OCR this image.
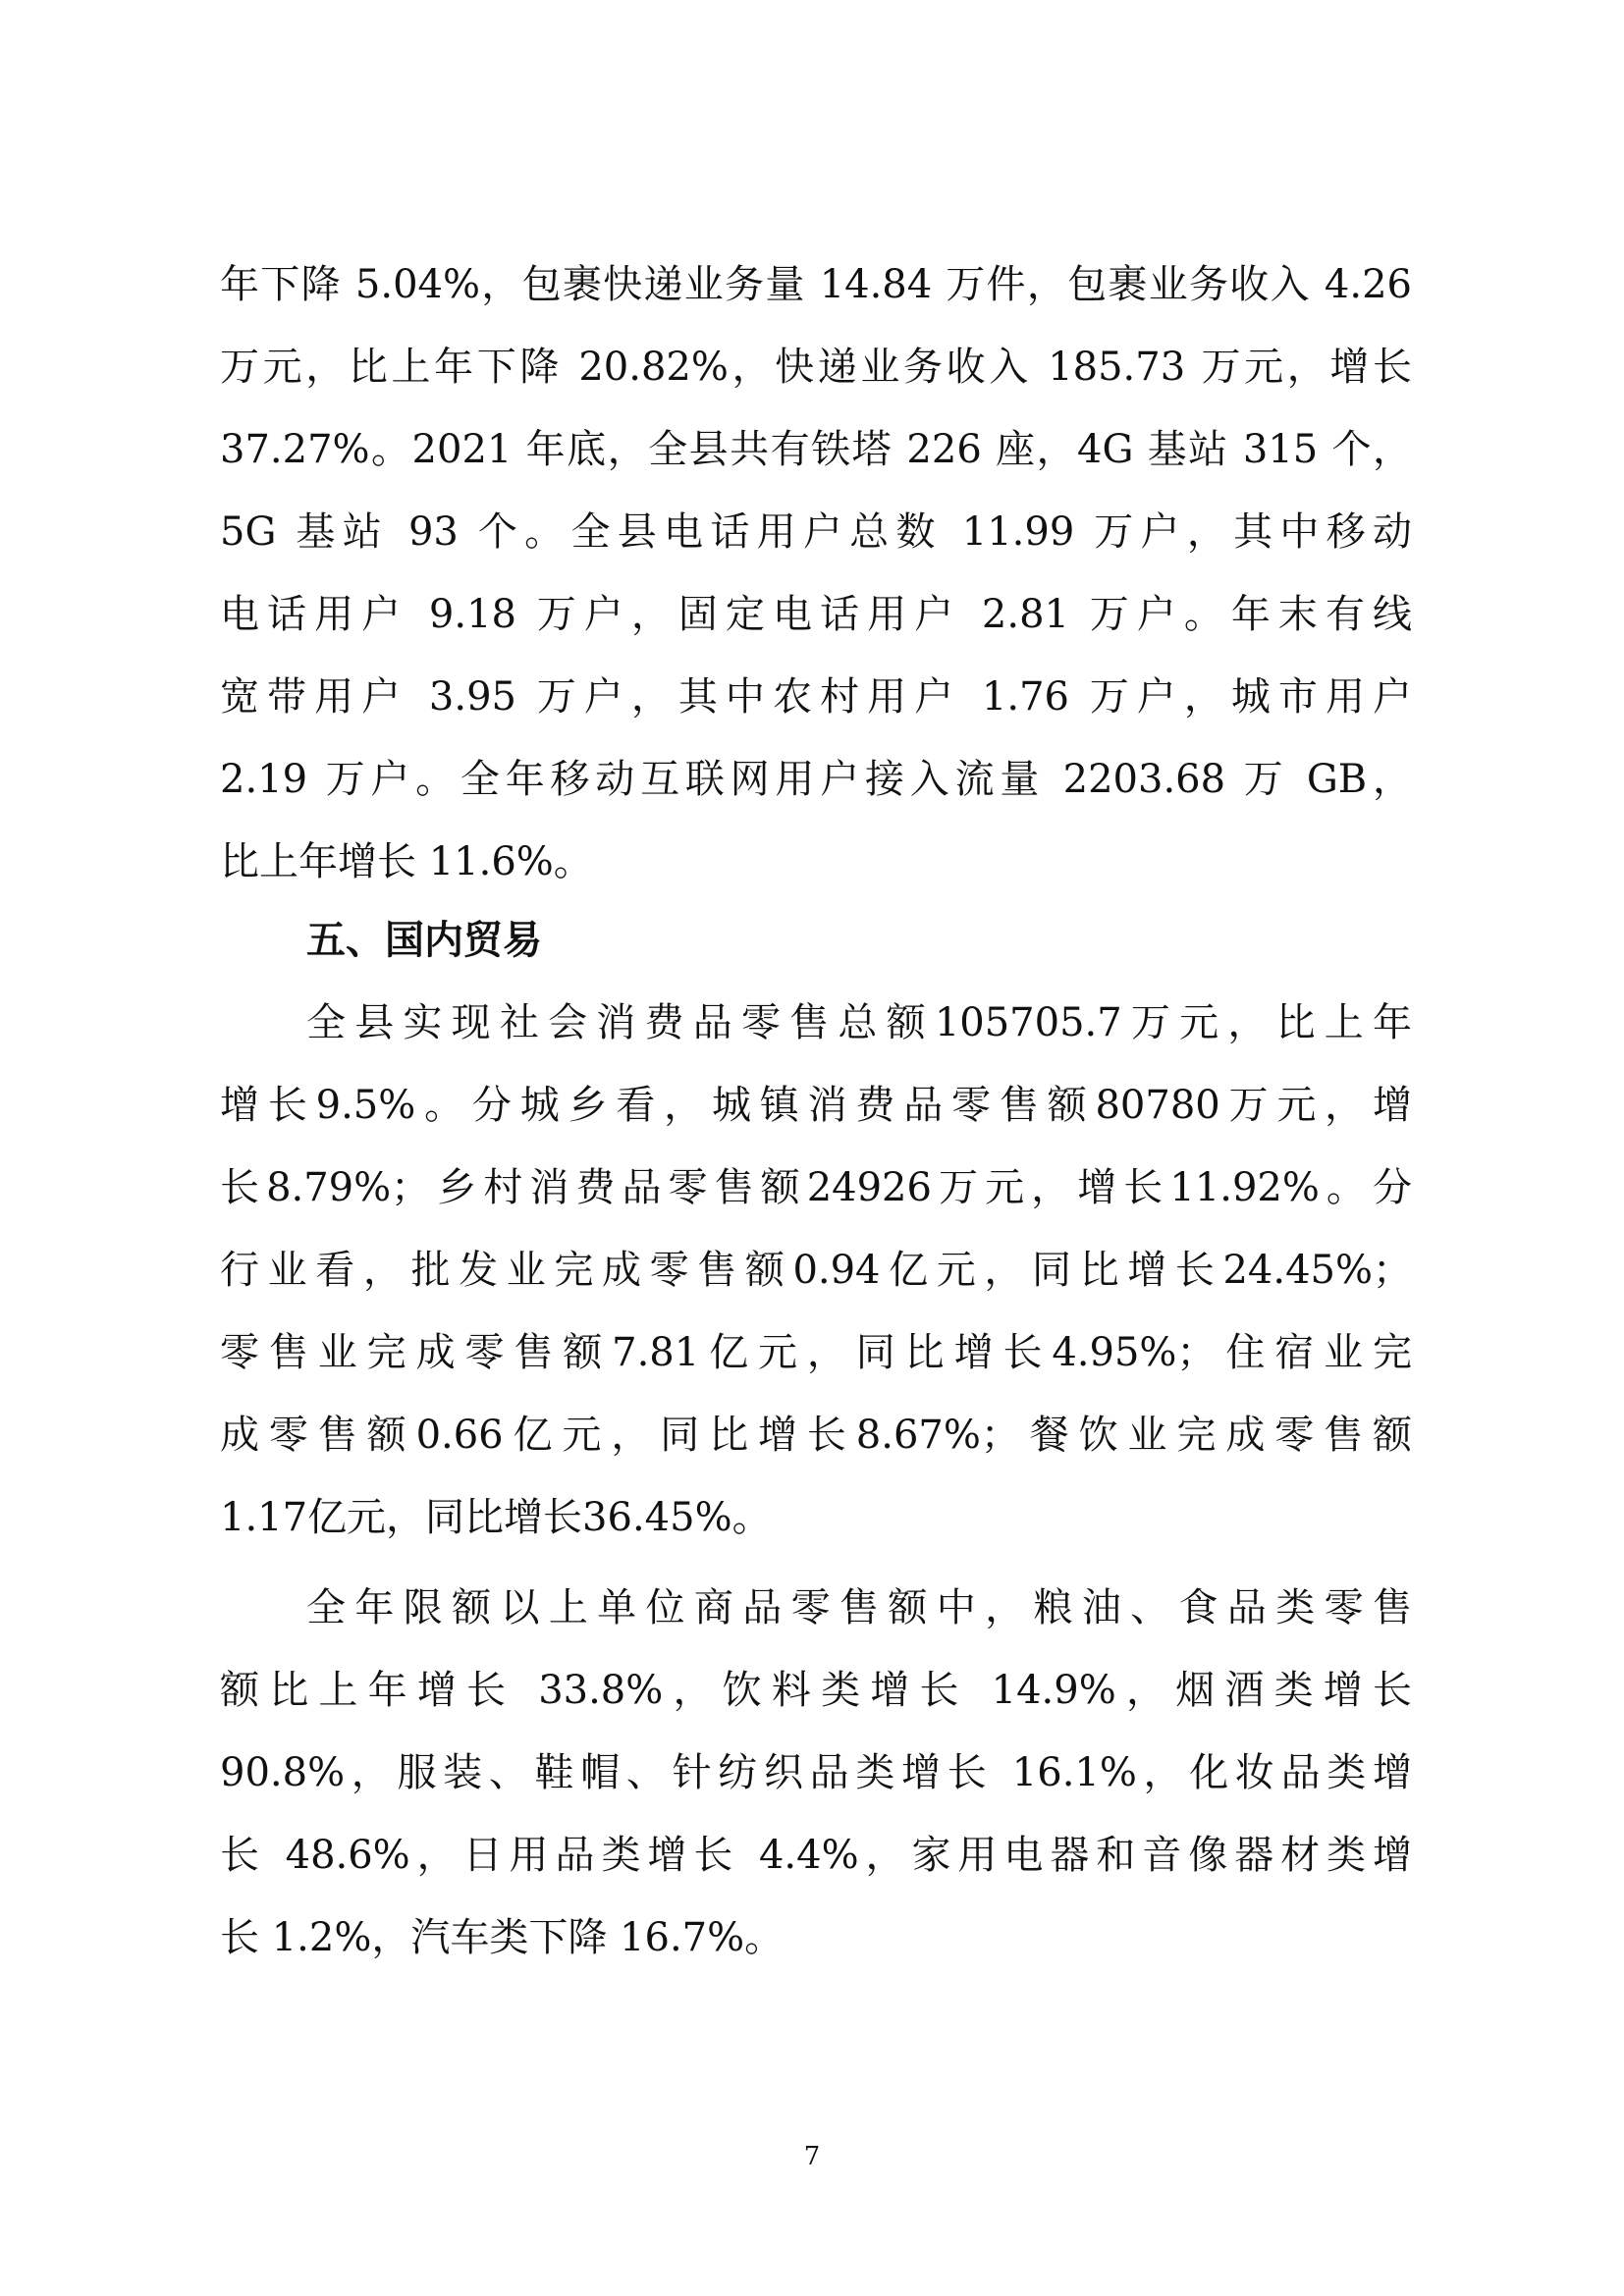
年下降 5.04%，包裹快递业务量 14.84 万件，包裹业务收入 4.26
万元，比上年下降 20.82%，快递业务收入 185.73 万元，增长
37.27%。2021 年底，全县共有铁塔 226 座，4G 基站 315 个，
5G 基站 93 个。全县电话用户总数 11.99 万户，其中移动
电话用户 9.18 万户，固定电话用户 2.81 万户。年末有线
宽带用户 3.95 万户，其中农村用户 1.76 万户，城市用户
2.19 万户。全年移动互联网用户接入流量 2203.68 万 GB，
比上年增长 11.6%。
五、国内贸易
全县实现社会消费品零售总额105705.7万元，比上年
增长9.5%。分城乡看，城镇消费品零售额80780万元，增
长8.79%；乡村消费品零售额24926万元，增长11.92%。分
行业看，批发业完成零售额0.94亿元，同比增长24.45%；
零售业完成零售额7.81亿元，同比增长4.95%；住宿业完
成零售额0.66亿元，同比增长8.67%；餐饮业完成零售额
1.17亿元，同比增长36.45%。
全年限额以上单位商品零售额中，粮油、食品类零售
额比上年增长 33.8%，饮料类增长 14.9%，烟酒类增长
90.8%，服装、鞋帽、针纺织品类增长 16.1%，化妆品类增
长 48.6%，日用品类增长 4.4%，家用电器和音像器材类增
长 1.2%，汽车类下降 16.7%。
7
